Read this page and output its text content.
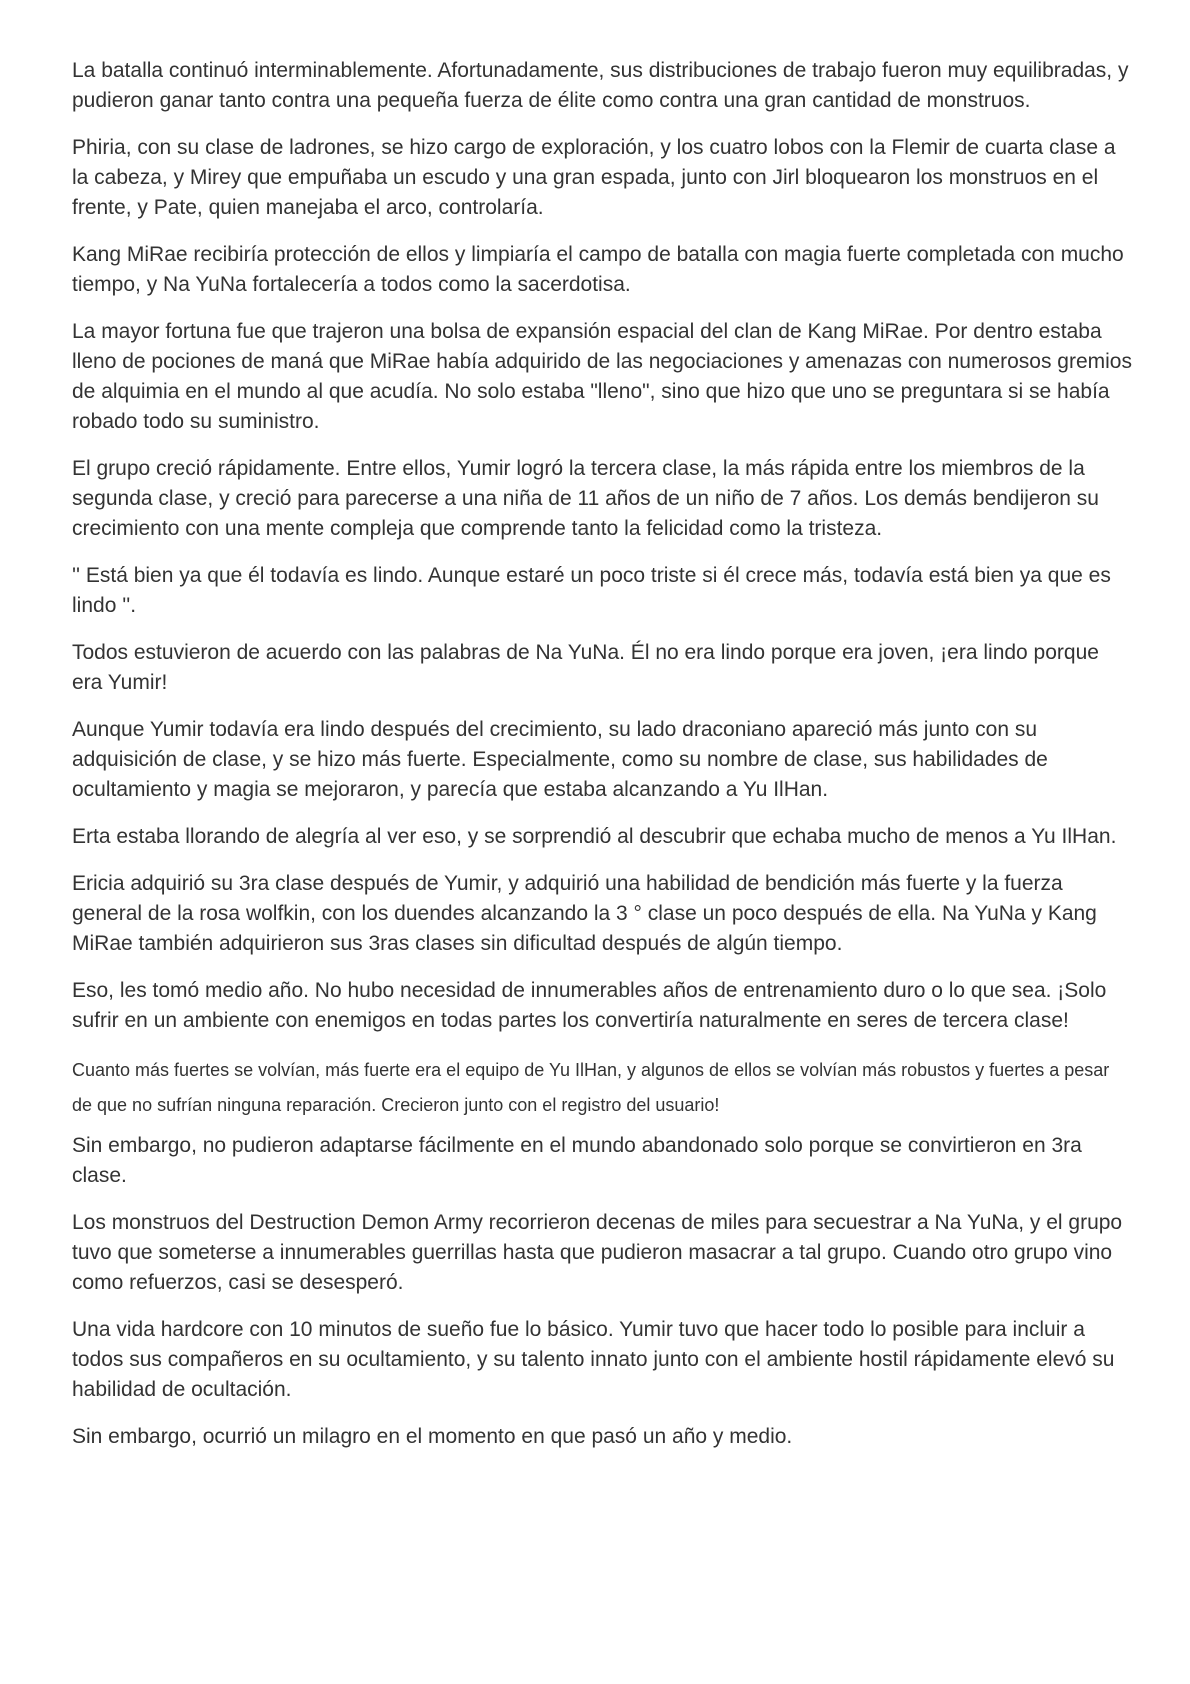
La batalla continuó interminablemente. Afortunadamente, sus distribuciones de trabajo fueron muy equilibradas, y pudieron ganar tanto contra una pequeña fuerza de élite como contra una gran cantidad de monstruos.

Phiria, con su clase de ladrones, se hizo cargo de exploración, y los cuatro lobos con la Flemir de cuarta clase a la cabeza, y Mirey que empuñaba un escudo y una gran espada, junto con Jirl bloquearon los monstruos en el frente, y Pate, quien manejaba el arco, controlaría.

Kang MiRae recibiría protección de ellos y limpiaría el campo de batalla con magia fuerte completada con mucho tiempo, y Na YuNa fortalecería a todos como la sacerdotisa.

La mayor fortuna fue que trajeron una bolsa de expansión espacial del clan de Kang MiRae. Por dentro estaba lleno de pociones de maná que MiRae había adquirido de las negociaciones y amenazas con numerosos gremios de alquimia en el mundo al que acudía. No solo estaba "lleno", sino que hizo que uno se preguntara si se había robado todo su suministro.

El grupo creció rápidamente. Entre ellos, Yumir logró la tercera clase, la más rápida entre los miembros de la segunda clase, y creció para parecerse a una niña de 11 años de un niño de 7 años. Los demás bendijeron su crecimiento con una mente compleja que comprende tanto la felicidad como la tristeza.

'' Está bien ya que él todavía es lindo. Aunque estaré un poco triste si él crece más, todavía está bien ya que es lindo ''.

Todos estuvieron de acuerdo con las palabras de Na YuNa. Él no era lindo porque era joven, ¡era lindo porque era Yumir!

Aunque Yumir todavía era lindo después del crecimiento, su lado draconiano apareció más junto con su adquisición de clase, y se hizo más fuerte. Especialmente, como su nombre de clase, sus habilidades de ocultamiento y magia se mejoraron, y parecía que estaba alcanzando a Yu IlHan.

Erta estaba llorando de alegría al ver eso, y se sorprendió al descubrir que echaba mucho de menos a Yu IlHan.

Ericia adquirió su 3ra clase después de Yumir, y adquirió una habilidad de bendición más fuerte y la fuerza general de la rosa wolfkin, con los duendes alcanzando la 3 ° clase un poco después de ella. Na YuNa y Kang MiRae también adquirieron sus 3ras clases sin dificultad después de algún tiempo.

Eso, les tomó medio año. No hubo necesidad de innumerables años de entrenamiento duro o lo que sea. ¡Solo sufrir en un ambiente con enemigos en todas partes los convertiría naturalmente en seres de tercera clase!

Cuanto más fuertes se volvían, más fuerte era el equipo de Yu IlHan, y algunos de ellos se volvían más robustos y fuertes a pesar de que no sufrían ninguna reparación. Crecieron junto con el registro del usuario!

Sin embargo, no pudieron adaptarse fácilmente en el mundo abandonado solo porque se convirtieron en 3ra clase.

Los monstruos del Destruction Demon Army recorrieron decenas de miles para secuestrar a Na YuNa, y el grupo tuvo que someterse a innumerables guerrillas hasta que pudieron masacrar a tal grupo. Cuando otro grupo vino como refuerzos, casi se desesperó.

Una vida hardcore con 10 minutos de sueño fue lo básico. Yumir tuvo que hacer todo lo posible para incluir a todos sus compañeros en su ocultamiento, y su talento innato junto con el ambiente hostil rápidamente elevó su habilidad de ocultación.

Sin embargo, ocurrió un milagro en el momento en que pasó un año y medio.
